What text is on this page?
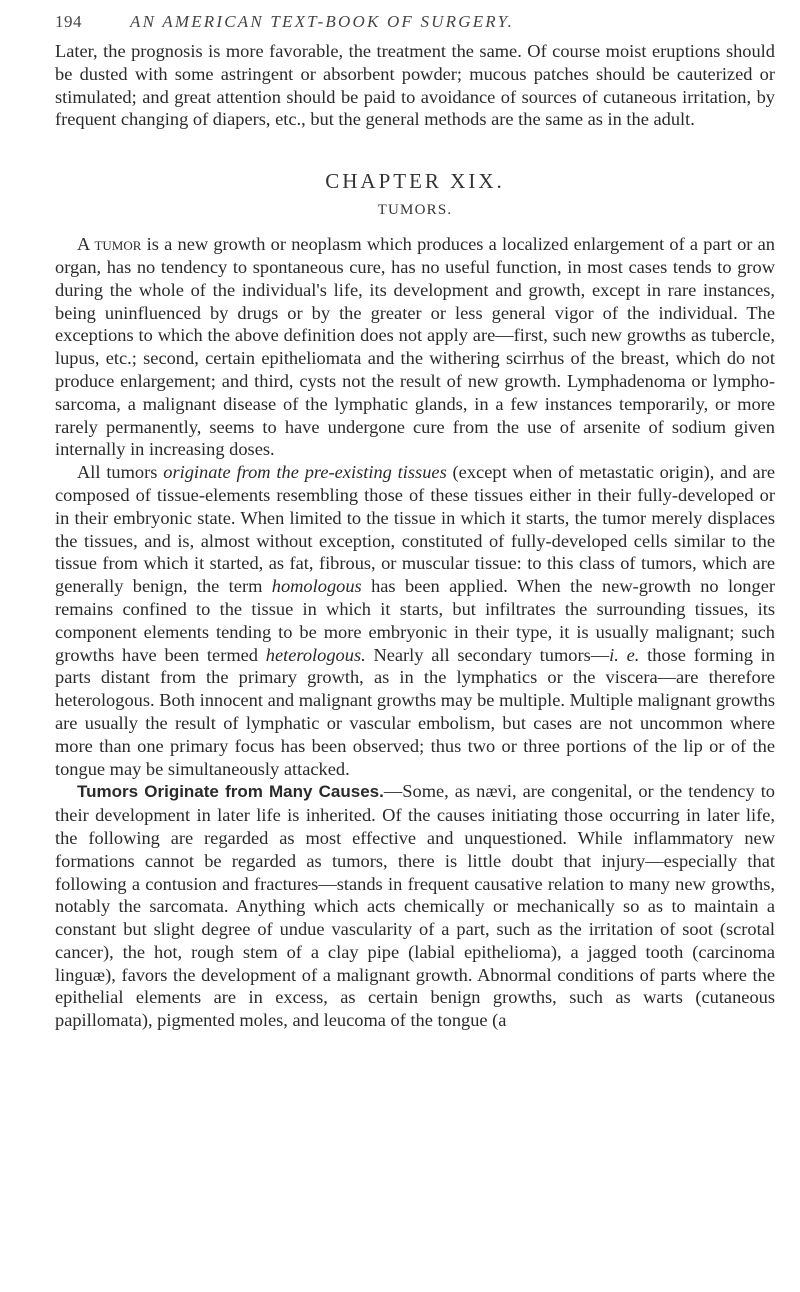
194	AN AMERICAN TEXT-BOOK OF SURGERY.

Later, the prognosis is more favorable, the treatment the same. Of course moist eruptions should be dusted with some astringent or absorbent powder; mucous patches should be cauterized or stimulated; and great attention should be paid to avoidance of sources of cutaneous irritation, by frequent changing of diapers, etc., but the general methods are the same as in the adult.

CHAPTER XIX.
TUMORS.

A tumor is a new growth or neoplasm which produces a localized enlargement of a part or an organ, has no tendency to spontaneous cure, has no useful function, in most cases tends to grow during the whole of the individual's life, its development and growth, except in rare instances, being uninfluenced by drugs or by the greater or less general vigor of the individual. The exceptions to which the above definition does not apply are—first, such new growths as tubercle, lupus, etc.; second, certain epitheliomata and the withering scirrhus of the breast, which do not produce enlargement; and third, cysts not the result of new growth. Lymphadenoma or lympho-sarcoma, a malignant disease of the lymphatic glands, in a few instances temporarily, or more rarely permanently, seems to have undergone cure from the use of arsenite of sodium given internally in increasing doses.

All tumors originate from the pre-existing tissues (except when of metastatic origin), and are composed of tissue-elements resembling those of these tissues either in their fully-developed or in their embryonic state. When limited to the tissue in which it starts, the tumor merely displaces the tissues, and is, almost without exception, constituted of fully-developed cells similar to the tissue from which it started, as fat, fibrous, or muscular tissue: to this class of tumors, which are generally benign, the term homologous has been applied. When the new-growth no longer remains confined to the tissue in which it starts, but infiltrates the surrounding tissues, its component elements tending to be more embryonic in their type, it is usually malignant; such growths have been termed heterologous. Nearly all secondary tumors—i. e. those forming in parts distant from the primary growth, as in the lymphatics or the viscera—are therefore heterologous. Both innocent and malignant growths may be multiple. Multiple malignant growths are usually the result of lymphatic or vascular embolism, but cases are not uncommon where more than one primary focus has been observed; thus two or three portions of the lip or of the tongue may be simultaneously attacked.

Tumors Originate from Many Causes.—Some, as nævi, are congenital, or the tendency to their development in later life is inherited. Of the causes initiating those occurring in later life, the following are regarded as most effective and unquestioned. While inflammatory new formations cannot be regarded as tumors, there is little doubt that injury—especially that following a contusion and fractures—stands in frequent causative relation to many new growths, notably the sarcomata. Anything which acts chemically or mechanically so as to maintain a constant but slight degree of undue vascularity of a part, such as the irritation of soot (scrotal cancer), the hot, rough stem of a clay pipe (labial epithelioma), a jagged tooth (carcinoma linguæ), favors the development of a malignant growth. Abnormal conditions of parts where the epithelial elements are in excess, as certain benign growths, such as warts (cutaneous papillomata), pigmented moles, and leucoma of the tongue (a
